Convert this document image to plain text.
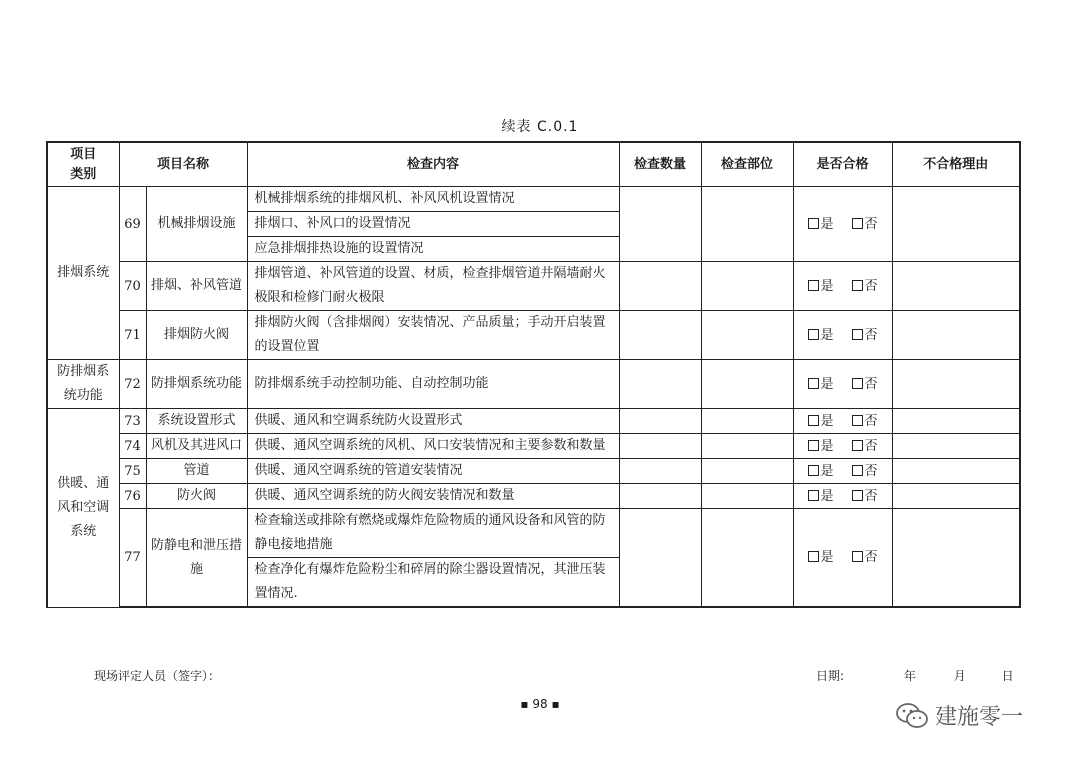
续表 C.0.1
项目
类别	项目名称		检查内容	检查数量	检查部位	是否合格	不合格理由
排烟系统	69	机械排烟设施	机械排烟系统的排烟风机、补风风机设置情况			是 否	
			排烟口、补风口的设置情况				
			应急排烟排热设施的设置情况				
	70	排烟、补风管道	排烟管道、补风管道的设置、材质，检查排烟管道井隔墙耐火极限和检修门耐火极限			是 否	
	71	排烟防火阀	排烟防火阀（含排烟阀）安装情况、产品质量；手动开启装置的设置位置			是 否	
防排烟系
统功能	72	防排烟系统功能	防排烟系统手动控制功能、自动控制功能			是 否	
供暖、通
风和空调
系统	73	系统设置形式	供暖、通风和空调系统防火设置形式			是 否	
	74	风机及其进风口	供暖、通风空调系统的风机、风口安装情况和主要参数和数量			是 否	
	75	管道	供暖、通风空调系统的管道安装情况			是 否	
	76	防火阀	供暖、通风空调系统的防火阀安装情况和数量			是 否	
	77	防静电和泄压措施	检查输送或排除有燃烧或爆炸危险物质的通风设备和风管的防静电接地措施			是 否	
			检查净化有爆炸危险粉尘和碎屑的除尘器设置情况，其泄压装置情况.				
现场评定人员（签字）：	日期:	年	月	日
▪ 98 ▪
建施零一
